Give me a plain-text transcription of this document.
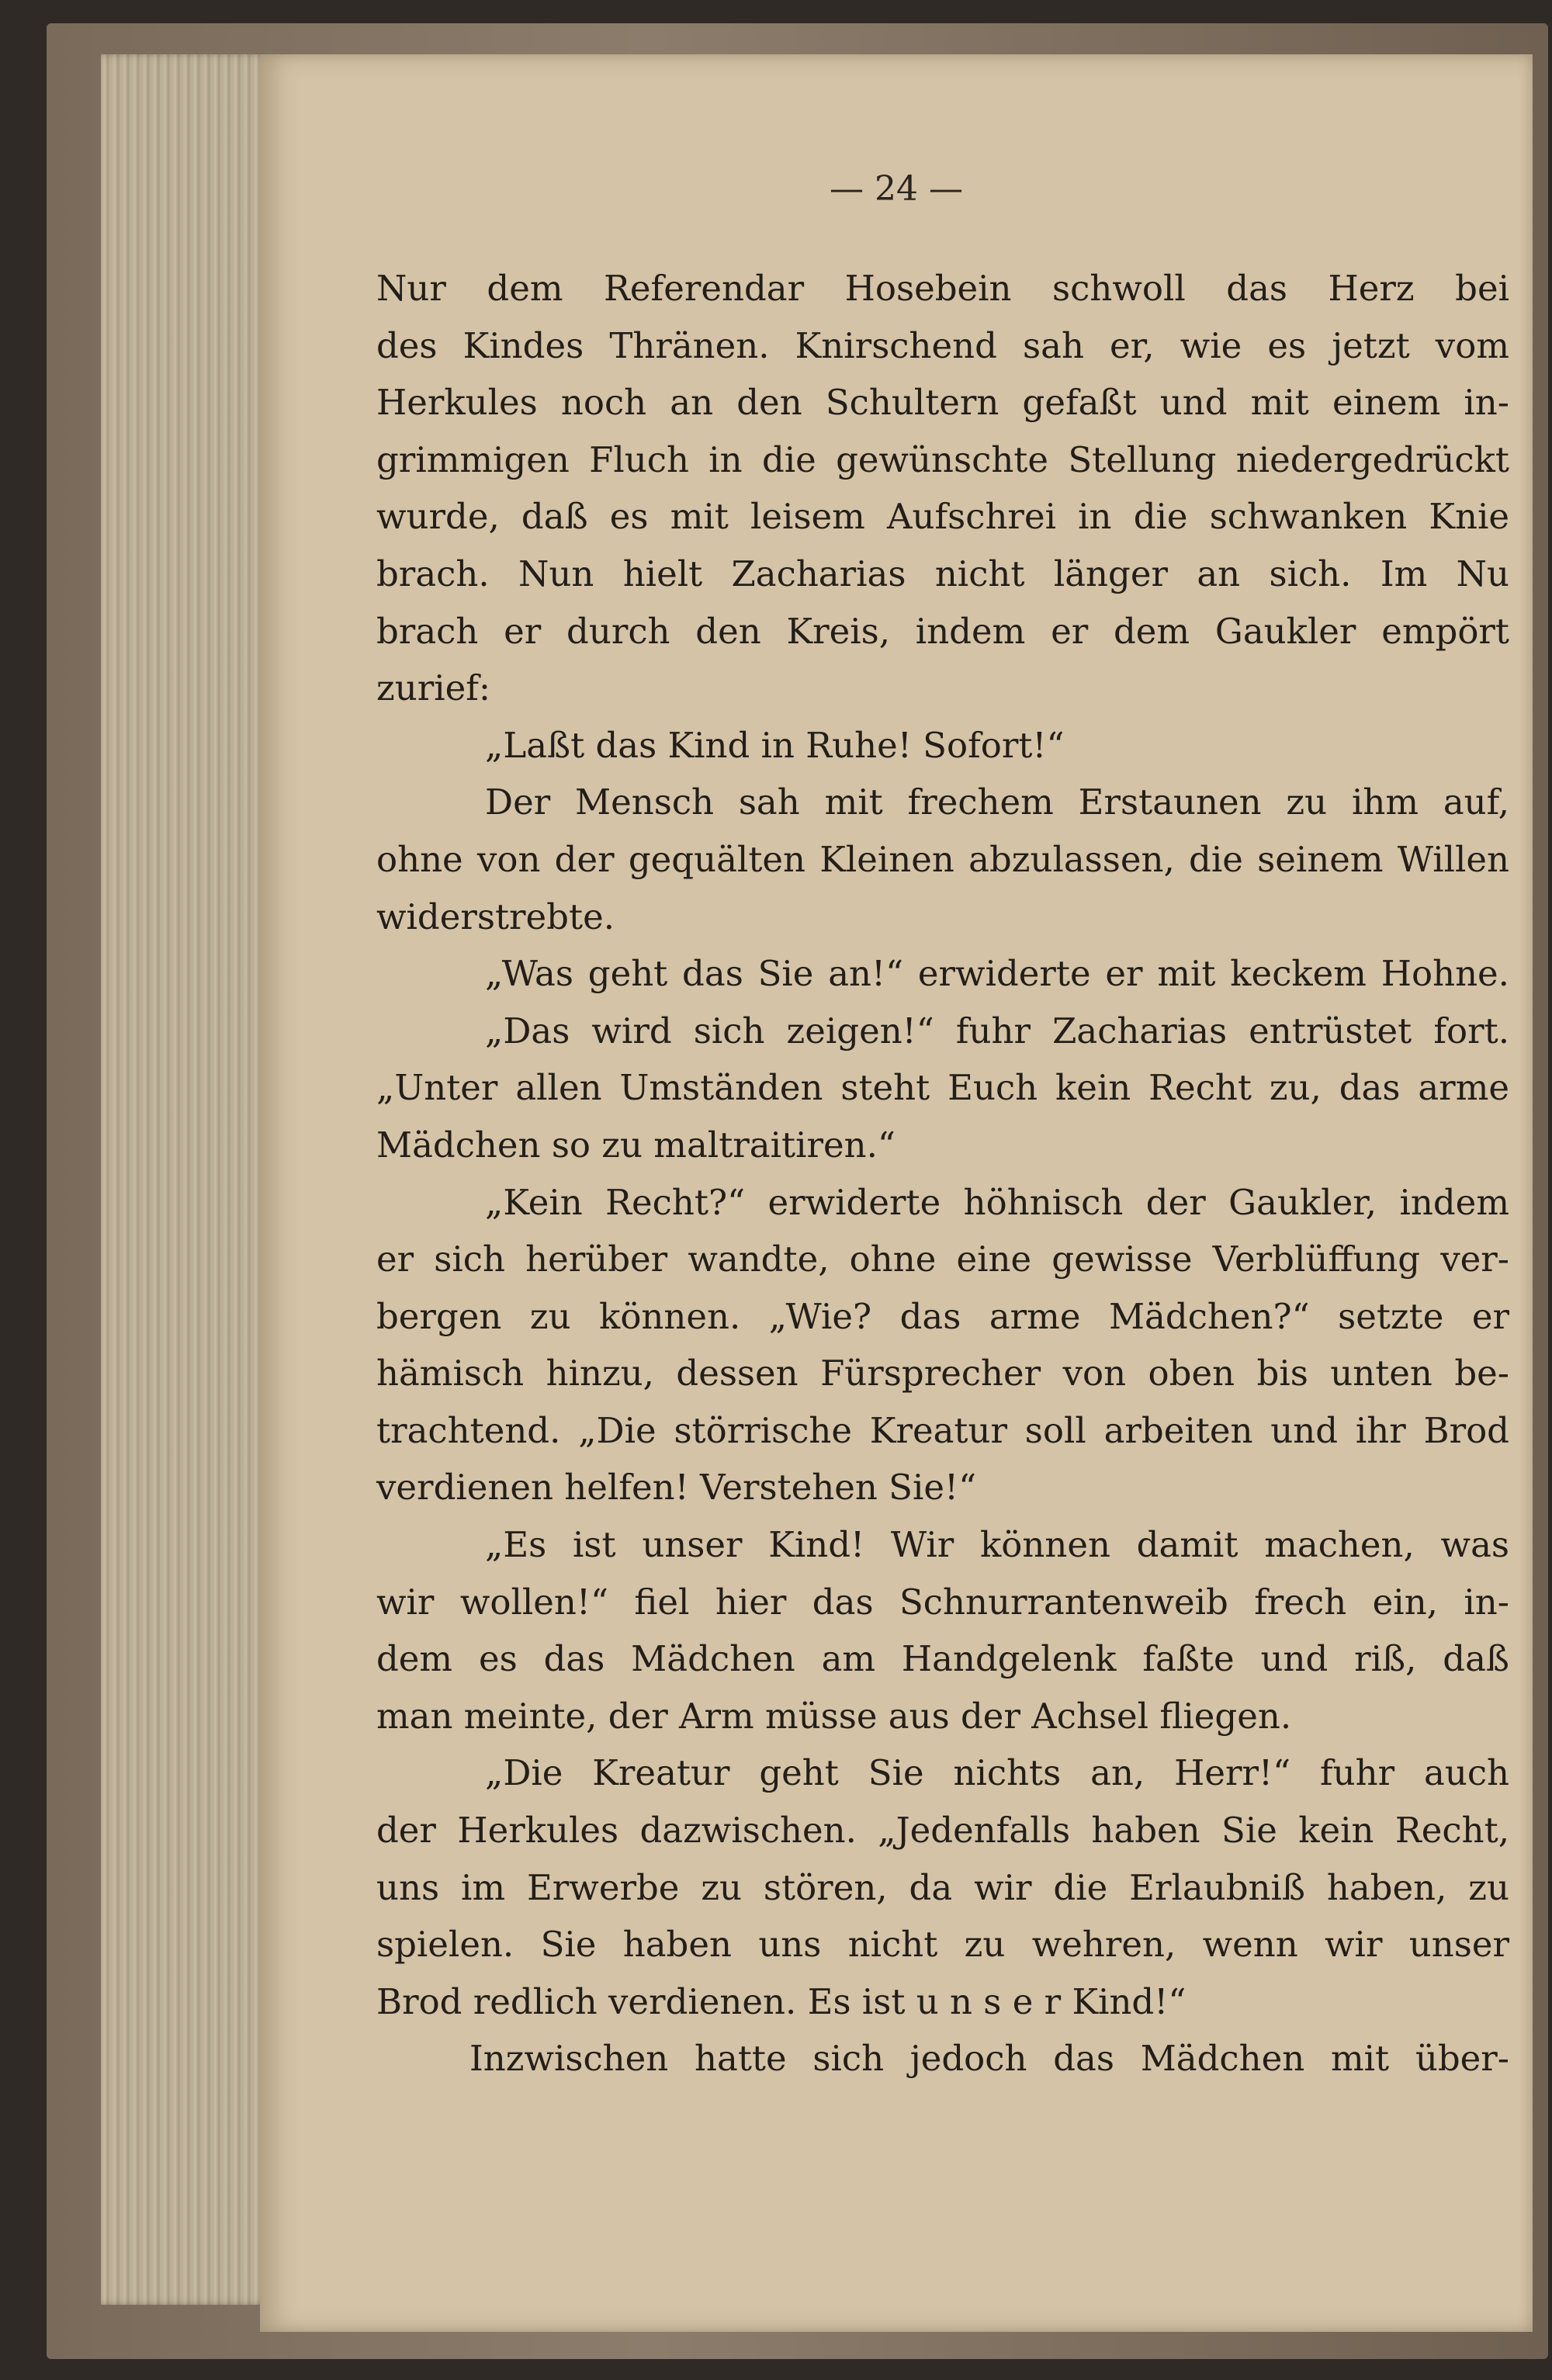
— 24 —
Nur dem Referendar Hosebein schwoll das Herz bei
des Kindes Thränen. Knirschend sah er, wie es jetzt vom
Herkules noch an den Schultern gefaßt und mit einem in-
grimmigen Fluch in die gewünschte Stellung niedergedrückt
wurde, daß es mit leisem Aufschrei in die schwanken Knie
brach. Nun hielt Zacharias nicht länger an sich. Im Nu
brach er durch den Kreis, indem er dem Gaukler empört
zurief:
„Laßt das Kind in Ruhe! Sofort!“
Der Mensch sah mit frechem Erstaunen zu ihm auf,
ohne von der gequälten Kleinen abzulassen, die seinem Willen
widerstrebte.
„Was geht das Sie an!“ erwiderte er mit keckem Hohne.
„Das wird sich zeigen!“ fuhr Zacharias entrüstet fort.
„Unter allen Umständen steht Euch kein Recht zu, das arme
Mädchen so zu maltraitiren.“
„Kein Recht?“ erwiderte höhnisch der Gaukler, indem
er sich herüber wandte, ohne eine gewisse Verblüffung ver-
bergen zu können. „Wie? das arme Mädchen?“ setzte er
hämisch hinzu, dessen Fürsprecher von oben bis unten be-
trachtend. „Die störrische Kreatur soll arbeiten und ihr Brod
verdienen helfen! Verstehen Sie!“
„Es ist unser Kind! Wir können damit machen, was
wir wollen!“ fiel hier das Schnurrantenweib frech ein, in-
dem es das Mädchen am Handgelenk faßte und riß, daß
man meinte, der Arm müsse aus der Achsel fliegen.
„Die Kreatur geht Sie nichts an, Herr!“ fuhr auch
der Herkules dazwischen. „Jedenfalls haben Sie kein Recht,
uns im Erwerbe zu stören, da wir die Erlaubniß haben, zu
spielen. Sie haben uns nicht zu wehren, wenn wir unser
Brod redlich verdienen. Es ist u n s e r Kind!“
Inzwischen hatte sich jedoch das Mädchen mit über-
